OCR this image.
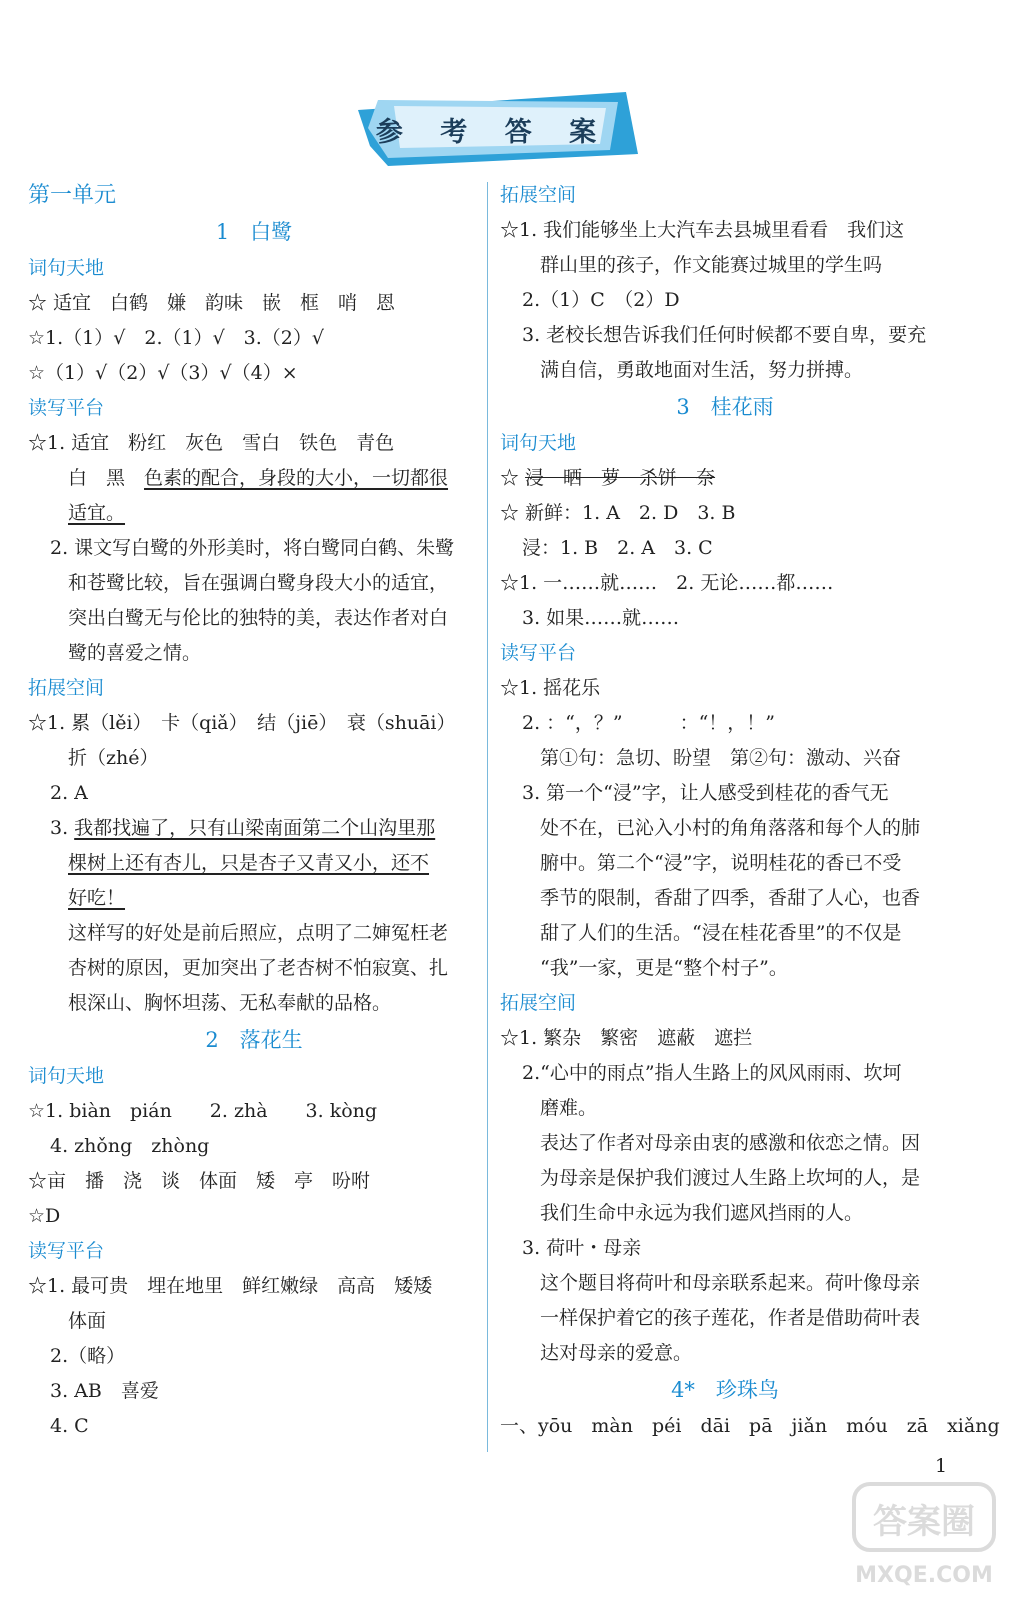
参 考 答 案
第一单元
1　白鹭
词句天地
☆ 适宜　白鹤　嫌　韵味　嵌　框　哨　恩
☆1.（1）√　2.（1）√　3.（2）√
☆（1）√（2）√（3）√（4）×
读写平台
☆1. 适宜　粉红　灰色　雪白　铁色　青色
白　黑　色素的配合，身段的大小，一切都很
适宜。
2. 课文写白鹭的外形美时，将白鹭同白鹤、朱鹭
和苍鹭比较，旨在强调白鹭身段大小的适宜，
突出白鹭无与伦比的独特的美，表达作者对白
鹭的喜爱之情。
拓展空间
☆1. 累（lěi）　卡（qiǎ）　结（jiē）　衰（shuāi）
折（zhé）
2. A
3. 我都找遍了，只有山梁南面第二个山沟里那
棵树上还有杏儿，只是杏子又青又小，还不
好吃！
这样写的好处是前后照应，点明了二婶冤枉老
杏树的原因，更加突出了老杏树不怕寂寞、扎
根深山、胸怀坦荡、无私奉献的品格。
2　落花生
词句天地
☆1. biàn　pián　　2. zhà　　3. kòng
4. zhǒng　zhòng
☆亩　播　浇　谈　体面　矮　亭　吩咐
☆D
读写平台
☆1. 最可贵　埋在地里　鲜红嫩绿　高高　矮矮
体面
2.（略）
3. AB　喜爱
4. C
拓展空间
☆1. 我们能够坐上大汽车去县城里看看　我们这
群山里的孩子，作文能赛过城里的学生吗
2.（1）C　（2）D
3. 老校长想告诉我们任何时候都不要自卑，要充
满自信，勇敢地面对生活，努力拼搏。
3　桂花雨
词句天地
☆ 浸　晒　萝　杀饼　奈
☆ 新鲜：1. A　2. D　3. B
浸：1. B　2. A　3. C
☆1. 一……就……　2. 无论……都……
3. 如果……就……
读写平台
☆1. 摇花乐
2. ：“，？”　　　：“！，！”
第①句：急切、盼望　第②句：激动、兴奋
3. 第一个“浸”字，让人感受到桂花的香气无
处不在，已沁入小村的角角落落和每个人的肺
腑中。第二个“浸”字，说明桂花的香已不受
季节的限制，香甜了四季，香甜了人心，也香
甜了人们的生活。“浸在桂花香里”的不仅是
“我”一家，更是“整个村子”。
拓展空间
☆1. 繁杂　繁密　遮蔽　遮拦
2.“心中的雨点”指人生路上的风风雨雨、坎坷
磨难。
表达了作者对母亲由衷的感激和依恋之情。因
为母亲是保护我们渡过人生路上坎坷的人，是
我们生命中永远为我们遮风挡雨的人。
3. 荷叶・母亲
这个题目将荷叶和母亲联系起来。荷叶像母亲
一样保护着它的孩子莲花，作者是借助荷叶表
达对母亲的爱意。
4*　珍珠鸟
一、yōu　màn　péi　dāi　pā　jiǎn　móu　zā　xiǎng
1
答案圈
MXQE.COM
